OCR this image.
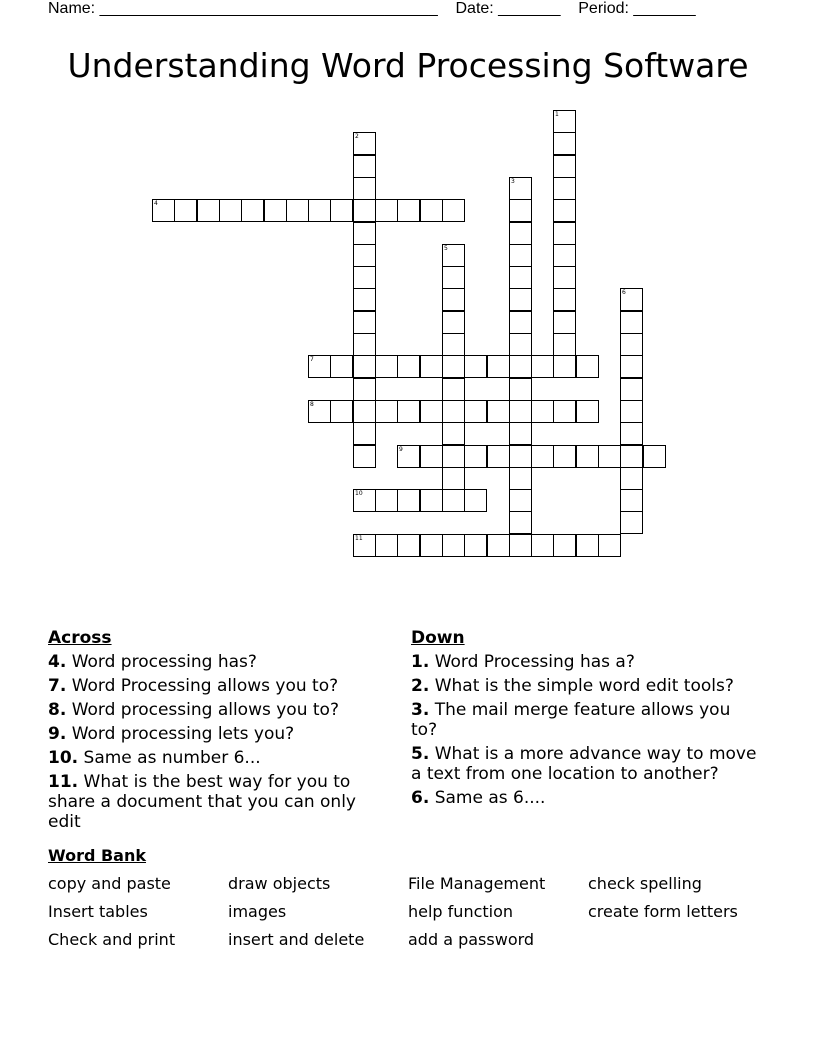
Name: ______________________________________    Date: _______    Period: _______
Understanding Word Processing Software
1
2
3
4
5
6
7
8
9
10
11
Across
4. Word processing has?
7. Word Processing allows you to?
8. Word processing allows you to?
9. Word processing lets you?
10. Same as number 6...
11. What is the best way for you to share a document that you can only edit
Down
1. Word Processing has a?
2. What is the simple word edit tools?
3. The mail merge feature allows you to?
5. What is a more advance way to move a text from one location to another?
6. Same as 6....
Word Bank
copy and paste	draw objects	File Management	check spelling
Insert tables	images	help function	create form letters
Check and print	insert and delete	add a password
